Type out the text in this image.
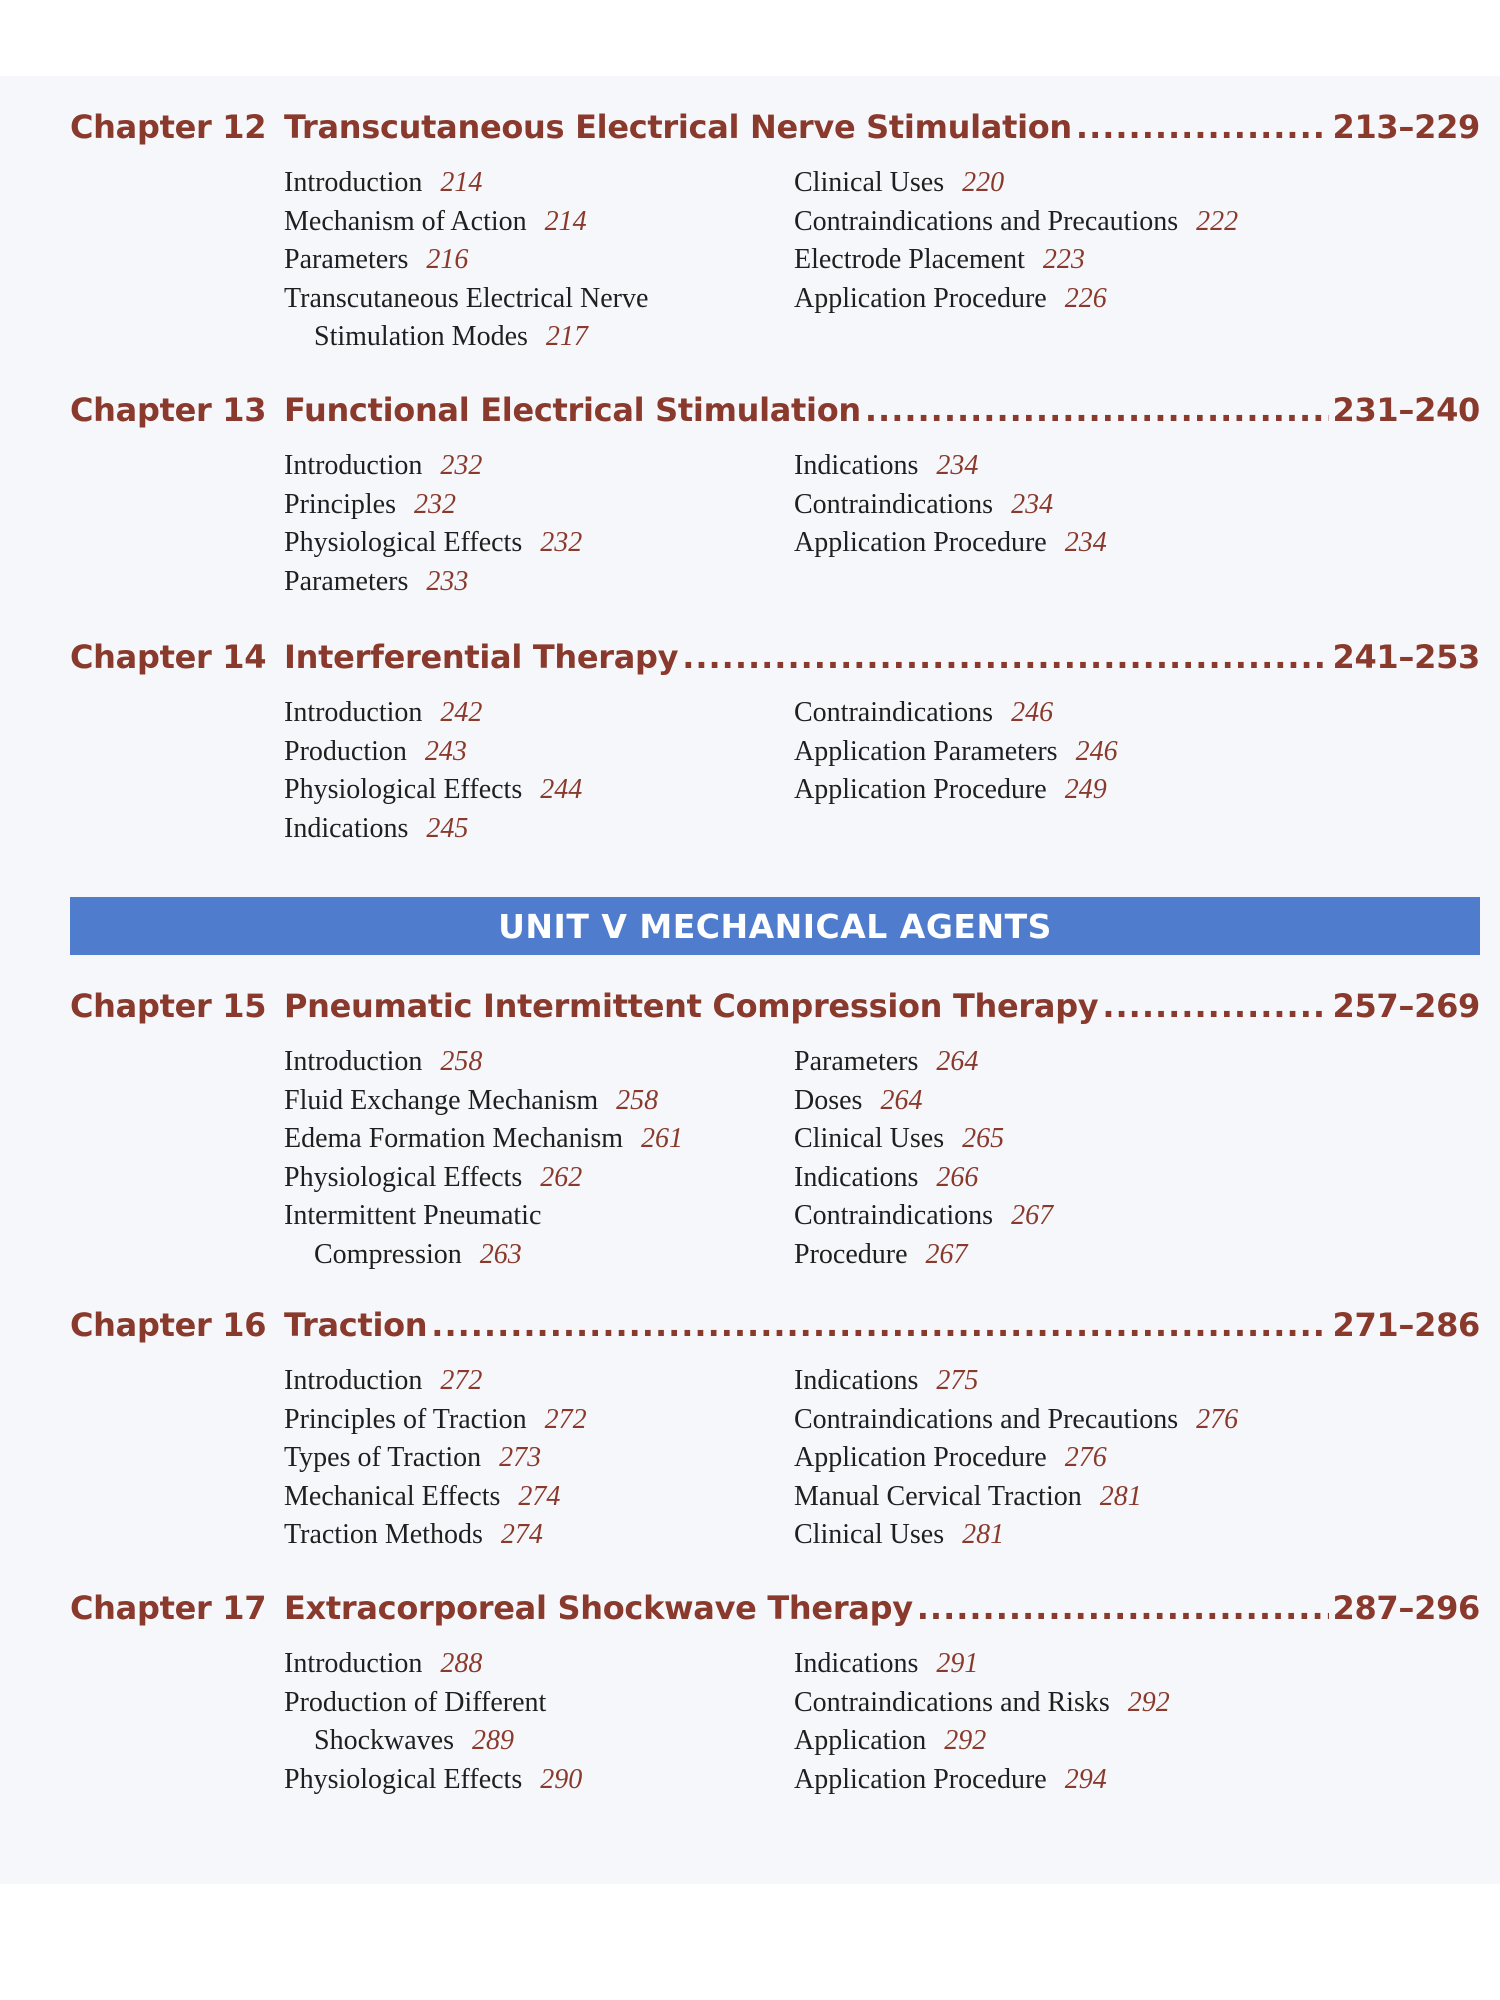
Chapter 12 Transcutaneous Electrical Nerve Stimulation .....	213–229
Introduction 214
Mechanism of Action 214
Parameters 216
Transcutaneous Electrical Nerve
Stimulation Modes 217
Clinical Uses 220
Contraindications and Precautions 222
Electrode Placement 223
Application Procedure 226
Chapter 13 Functional Electrical Stimulation .....	231–240
Introduction 232
Principles 232
Physiological Effects 232
Parameters 233
Indications 234
Contraindications 234
Application Procedure 234
Chapter 14 Interferential Therapy .....	241–253
Introduction 242
Production 243
Physiological Effects 244
Indications 245
Contraindications 246
Application Parameters 246
Application Procedure 249
UNIT V MECHANICAL AGENTS
Chapter 15 Pneumatic Intermittent Compression Therapy .....	257–269
Introduction 258
Fluid Exchange Mechanism 258
Edema Formation Mechanism 261
Physiological Effects 262
Intermittent Pneumatic
Compression 263
Parameters 264
Doses 264
Clinical Uses 265
Indications 266
Contraindications 267
Procedure 267
Chapter 16 Traction .....	271–286
Introduction 272
Principles of Traction 272
Types of Traction 273
Mechanical Effects 274
Traction Methods 274
Indications 275
Contraindications and Precautions 276
Application Procedure 276
Manual Cervical Traction 281
Clinical Uses 281
Chapter 17 Extracorporeal Shockwave Therapy .....	287–296
Introduction 288
Production of Different
Shockwaves 289
Physiological Effects 290
Indications 291
Contraindications and Risks 292
Application 292
Application Procedure 294
